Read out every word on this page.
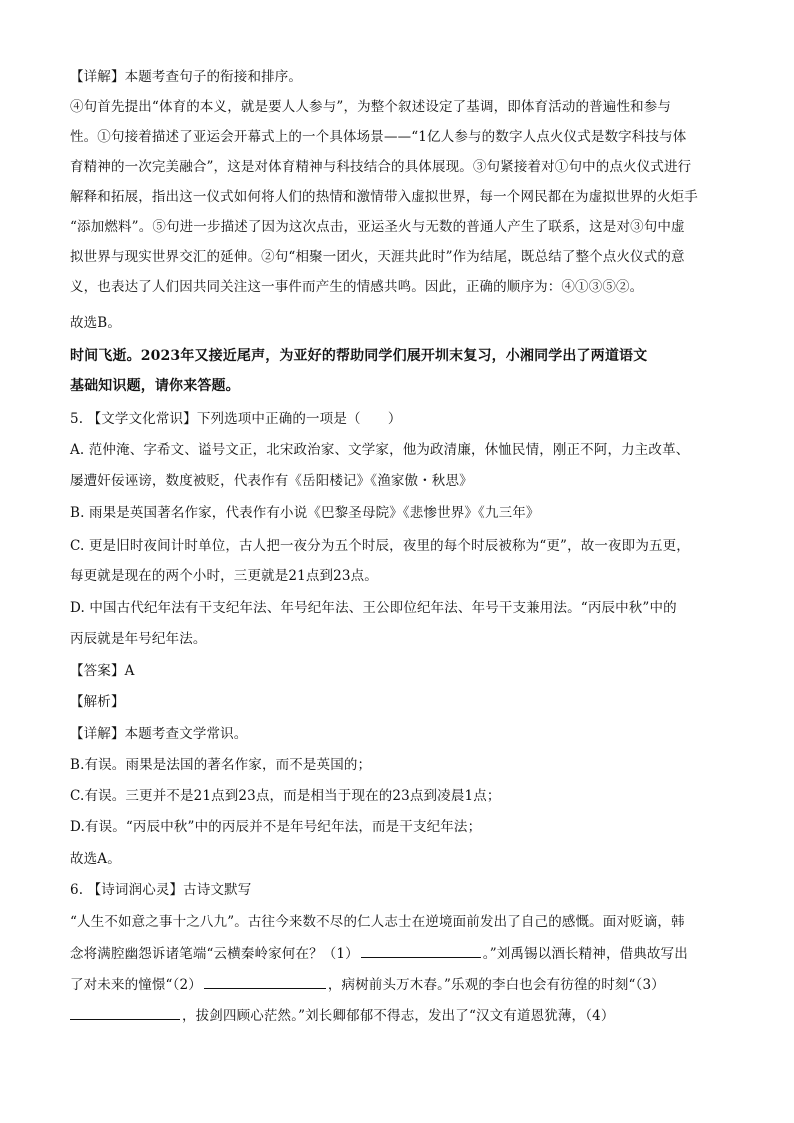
【详解】本题考查句子的衔接和排序。
④句首先提出“体育的本义，就是要人人参与”，为整个叙述设定了基调，即体育活动的普遍性和参与
性。①句接着描述了亚运会开幕式上的一个具体场景——“1亿人参与的数字人点火仪式是数字科技与体
育精神的一次完美融合”，这是对体育精神与科技结合的具体展现。③句紧接着对①句中的点火仪式进行
解释和拓展，指出这一仪式如何将人们的热情和激情带入虚拟世界，每一个网民都在为虚拟世界的火炬手
“添加燃料”。⑤句进一步描述了因为这次点击，亚运圣火与无数的普通人产生了联系，这是对③句中虚
拟世界与现实世界交汇的延伸。②句“相聚一团火，天涯共此时”作为结尾，既总结了整个点火仪式的意
义，也表达了人们因共同关注这一事件而产生的情感共鸣。因此，正确的顺序为：④①③⑤②。
故选B。
时间飞逝。2023年又接近尾声，为亚好的帮助同学们展开圳末复习，小湘同学出了两道语文
基础知识题，请你来答题。
5. 【文学文化常识】下列选项中正确的一项是（　　）
A. 范仲淹、字希文、谥号文正，北宋政治家、文学家，他为政清廉，休恤民情，刚正不阿，力主改革、
屡遭奸佞诬谤，数度被贬，代表作有《岳阳楼记》《渔家傲・秋思》
B. 雨果是英国著名作家，代表作有小说《巴黎圣母院》《悲惨世界》《九三年》
C. 更是旧时夜间计时单位，古人把一夜分为五个时辰，夜里的每个时辰被称为“更”，故一夜即为五更，
每更就是现在的两个小时，三更就是21点到23点。
D. 中国古代纪年法有干支纪年法、年号纪年法、王公即位纪年法、年号干支兼用法。“丙辰中秋”中的
丙辰就是年号纪年法。
【答案】A
【解析】
【详解】本题考查文学常识。
B.有误。雨果是法国的著名作家，而不是英国的；
C.有误。三更并不是21点到23点，而是相当于现在的23点到凌晨1点；
D.有误。“丙辰中秋”中的丙辰并不是年号纪年法，而是干支纪年法；
故选A。
6. 【诗词润心灵】古诗文默写
“人生不如意之事十之八九”。古往今来数不尽的仁人志士在逆境面前发出了自己的感慨。面对贬谪，韩
念将满腔幽怨诉诸笔端“云横秦岭家何在？（1）	。”刘禹锡以酒长精神，借典故写出
了对未来的憧憬“（2）	，病树前头万木春。”乐观的李白也会有彷徨的时刻“（3）
，拔剑四顾心茫然。”刘长卿郁郁不得志，发出了“汉文有道恩犹薄，（4）
